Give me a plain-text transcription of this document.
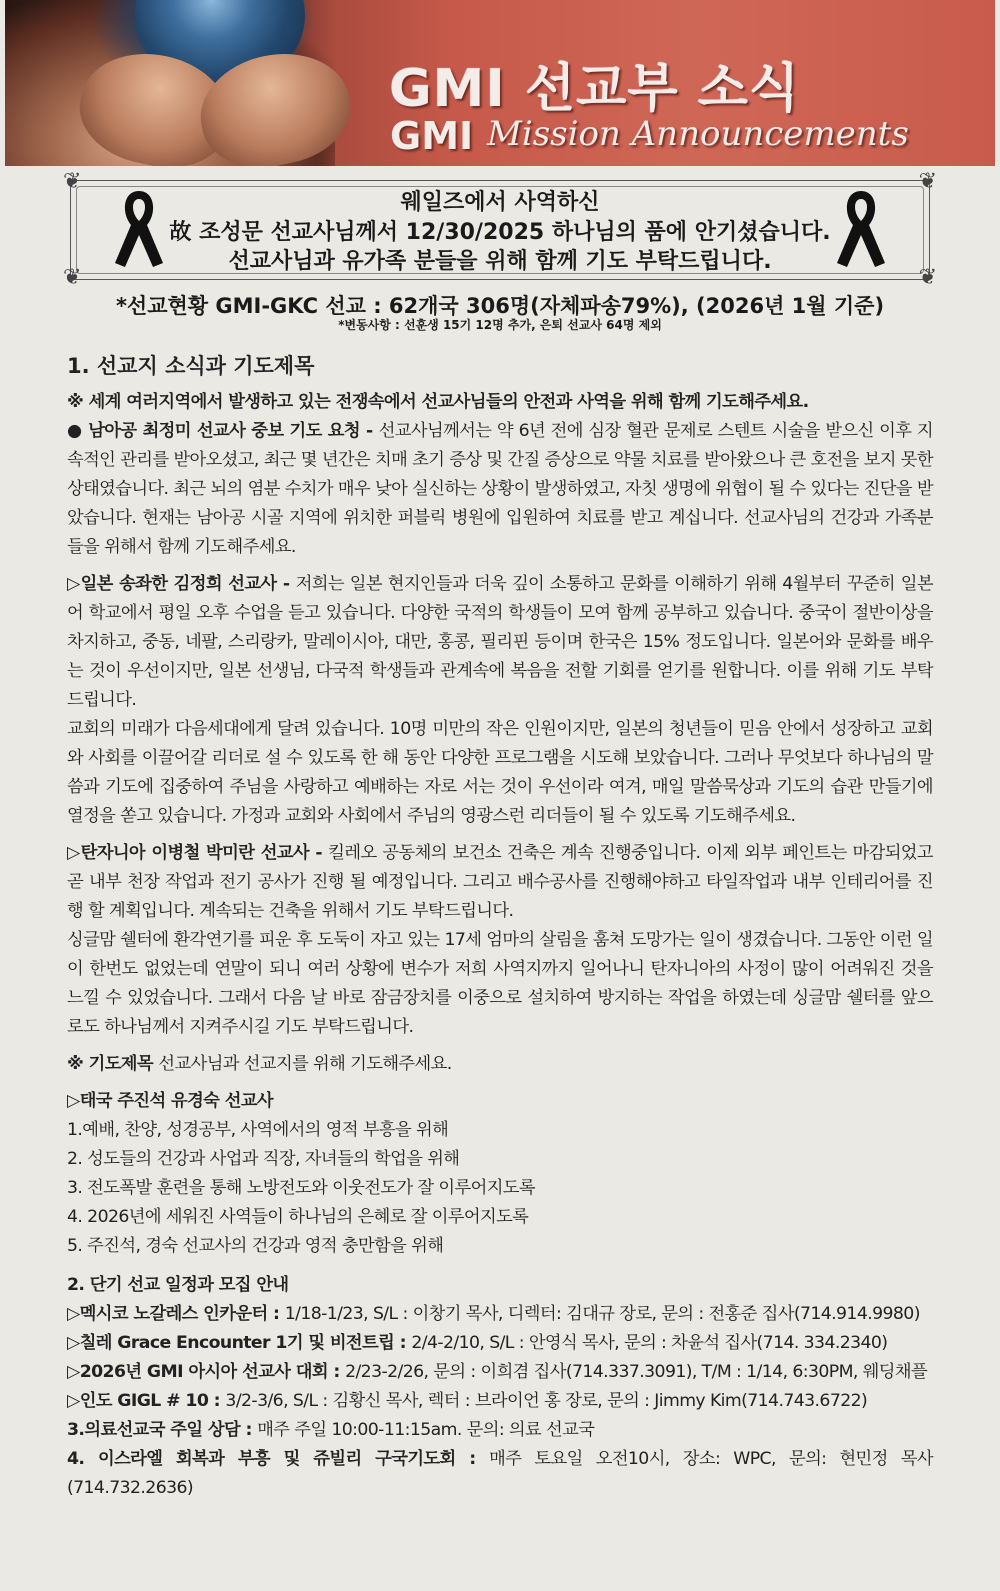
GMI 선교부 소식
GMI Mission Announcements
❦	❦
❦	❦
웨일즈에서 사역하신
故 조성문 선교사님께서 12/30/2025 하나님의 품에 안기셨습니다.
선교사님과 유가족 분들을 위해 함께 기도 부탁드립니다.
*선교현황 GMI-GKC 선교 : 62개국 306명(자체파송79%), (2026년 1월 기준)
*변동사항 : 선훈생 15기 12명 추가, 은퇴 선교사 64명 제외
1. 선교지 소식과 기도제목

※ 세계 여러지역에서 발생하고 있는 전쟁속에서 선교사님들의 안전과 사역을 위해 함께 기도해주세요.

● 남아공 최정미 선교사 중보 기도 요청 - 선교사님께서는 약 6년 전에 심장 혈관 문제로 스텐트 시술을 받으신 이후 지속적인 관리를 받아오셨고, 최근 몇 년간은 치매 초기 증상 및 간질 증상으로 약물 치료를 받아왔으나 큰 호전을 보지 못한 상태였습니다. 최근 뇌의 염분 수치가 매우 낮아 실신하는 상황이 발생하였고, 자칫 생명에 위협이 될 수 있다는 진단을 받았습니다. 현재는 남아공 시골 지역에 위치한 퍼블릭 병원에 입원하여 치료를 받고 계십니다. 선교사님의 건강과 가족분들을 위해서 함께 기도해주세요.

▷일본 송좌한 김정희 선교사 - 저희는 일본 현지인들과 더욱 깊이 소통하고 문화를 이해하기 위해 4월부터 꾸준히 일본어 학교에서 평일 오후 수업을 듣고 있습니다. 다양한 국적의 학생들이 모여 함께 공부하고 있습니다. 중국이 절반이상을 차지하고, 중동, 네팔, 스리랑카, 말레이시아, 대만, 홍콩, 필리핀 등이며 한국은 15% 정도입니다. 일본어와 문화를 배우는 것이 우선이지만, 일본 선생님, 다국적 학생들과 관계속에 복음을 전할 기회를 얻기를 원합니다. 이를 위해 기도 부탁 드립니다.

교회의 미래가 다음세대에게 달려 있습니다. 10명 미만의 작은 인원이지만, 일본의 청년들이 믿음 안에서 성장하고 교회와 사회를 이끌어갈 리더로 설 수 있도록 한 해 동안 다양한 프로그램을 시도해 보았습니다. 그러나 무엇보다 하나님의 말씀과 기도에 집중하여 주님을 사랑하고 예배하는 자로 서는 것이 우선이라 여겨, 매일 말씀묵상과 기도의 습관 만들기에 열정을 쏟고 있습니다. 가정과 교회와 사회에서 주님의 영광스런 리더들이 될 수 있도록 기도해주세요.

▷탄자니아 이병철 박미란 선교사 - 킬레오 공동체의 보건소 건축은 계속 진행중입니다. 이제 외부 페인트는 마감되었고 곧 내부 천장 작업과 전기 공사가 진행 될 예정입니다. 그리고 배수공사를 진행해야하고 타일작업과 내부 인테리어를 진행 할 계획입니다. 계속되는 건축을 위해서 기도 부탁드립니다.

싱글맘 쉘터에 환각연기를 피운 후 도둑이 자고 있는 17세 엄마의 살림을 훔쳐 도망가는 일이 생겼습니다. 그동안 이런 일이 한번도 없었는데 연말이 되니 여러 상황에 변수가 저희 사역지까지 일어나니 탄자니아의 사정이 많이 어려워진 것을 느낄 수 있었습니다. 그래서 다음 날 바로 잠금장치를 이중으로 설치하여 방지하는 작업을 하였는데 싱글맘 쉘터를 앞으로도 하나님께서 지켜주시길 기도 부탁드립니다.

※ 기도제목 선교사님과 선교지를 위해 기도해주세요.

▷태국 주진석 유경숙 선교사

1.예배, 찬양, 성경공부, 사역에서의 영적 부흥을 위해

2. 성도들의 건강과 사업과 직장, 자녀들의 학업을 위해

3. 전도폭발 훈련을 통해 노방전도와 이웃전도가 잘 이루어지도록

4. 2026년에 세워진 사역들이 하나님의 은혜로 잘 이루어지도록

5. 주진석, 경숙 선교사의 건강과 영적 충만함을 위해

2. 단기 선교 일정과 모집 안내

▷멕시코 노갈레스 인카운터 : 1/18-1/23, S/L : 이창기 목사, 디렉터: 김대규 장로, 문의 : 전홍준 집사(714.914.9980)

▷칠레 Grace Encounter 1기 및 비전트립 : 2/4-2/10, S/L : 안영식 목사, 문의 : 차윤석 집사(714. 334.2340)

▷2026년 GMI 아시아 선교사 대회 : 2/23-2/26, 문의 : 이희겸 집사(714.337.3091), T/M : 1/14, 6:30PM, 웨딩채플

▷인도 GIGL # 10 : 3/2-3/6, S/L : 김황신 목사, 렉터 : 브라이언 홍 장로, 문의 : Jimmy Kim(714.743.6722)

3.의료선교국 주일 상담 : 매주 주일 10:00-11:15am. 문의: 의료 선교국

4. 이스라엘 회복과 부흥 및 쥬빌리 구국기도회 : 매주 토요일 오전10시, 장소: WPC, 문의: 현민정 목사 (714.732.2636)
